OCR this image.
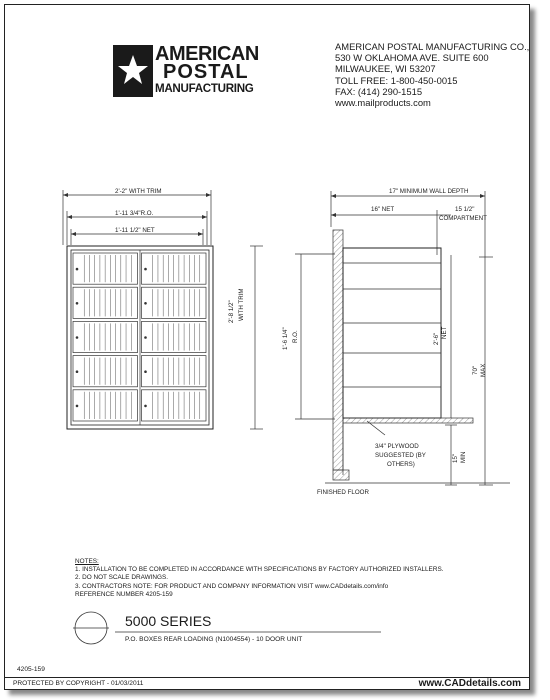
AMERICAN
POSTAL
MANUFACTURING
AMERICAN POSTAL MANUFACTURING CO.,
530 W OKLAHOMA AVE. SUITE 600
MILWAUKEE, WI 53207
TOLL FREE: 1-800-450-0015
FAX: (414) 290-1515
www.mailproducts.com
2'-2" WITH TRIM
1'-11 3/4"R.O.
1'-11 1/2" NET
2'-8 1/2" WITH TRIM
1'-6 1/4" R.O.
17" MINIMUM WALL DEPTH
16" NET	15 1/2"
COMPARTMENT
2'-6" NET
70" MAX
15" MIN
3/4" PLYWOOD
SUGGESTED (BY
OTHERS)
FINISHED FLOOR
NOTES:
1. INSTALLATION TO BE COMPLETED IN ACCORDANCE WITH SPECIFICATIONS BY FACTORY AUTHORIZED INSTALLERS.
2. DO NOT SCALE DRAWINGS.
3. CONTRACTORS NOTE: FOR PRODUCT AND COMPANY INFORMATION VISIT www.CADdetails.com/info
REFERENCE NUMBER 4205-159
5000 SERIES
P.O. BOXES REAR LOADING (N1004554) - 10 DOOR UNIT
4205-159
PROTECTED BY COPYRIGHT - 01/03/2011	www.CADdetails.com
